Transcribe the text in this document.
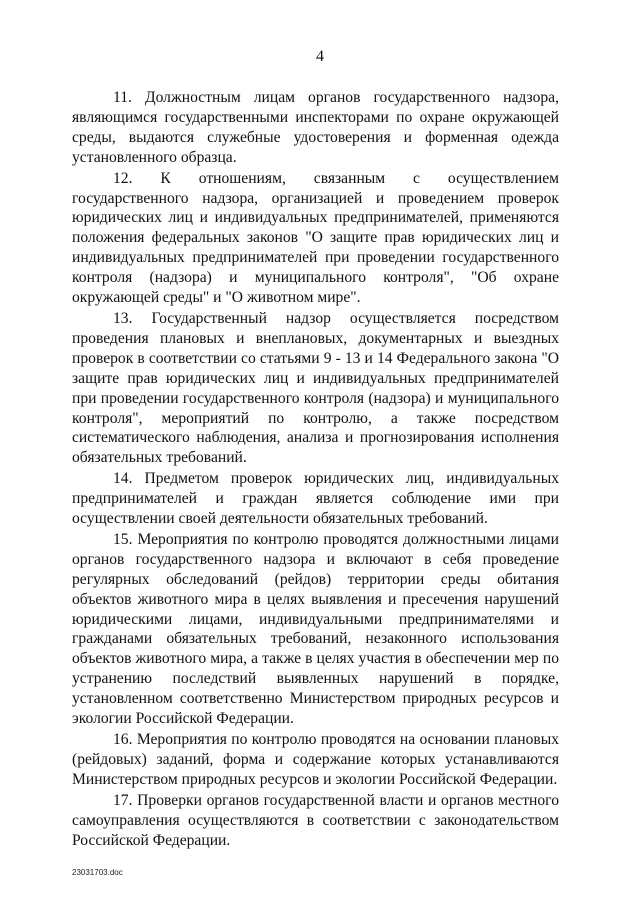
4

11. Должностным лицам органов государственного надзора, являющимся государственными инспекторами по охране окружающей среды, выдаются служебные удостоверения и форменная одежда установленного образца.

12. К отношениям, связанным с осуществлением государственного надзора, организацией и проведением проверок юридических лиц и индивидуальных предпринимателей, применяются положения федеральных законов "О защите прав юридических лиц и индивидуальных предпринимателей при проведении государственного контроля (надзора) и муниципального контроля", "Об охране окружающей среды" и "О животном мире".

13. Государственный надзор осуществляется посредством проведения плановых и внеплановых, документарных и выездных проверок в соответствии со статьями 9 - 13 и 14 Федерального закона "О защите прав юридических лиц и индивидуальных предпринимателей при проведении государственного контроля (надзора) и муниципального контроля", мероприятий по контролю, а также посредством систематического наблюдения, анализа и прогнозирования исполнения обязательных требований.

14. Предметом проверок юридических лиц, индивидуальных предпринимателей и граждан является соблюдение ими при осуществлении своей деятельности обязательных требований.

15. Мероприятия по контролю проводятся должностными лицами органов государственного надзора и включают в себя проведение регулярных обследований (рейдов) территории среды обитания объектов животного мира в целях выявления и пресечения нарушений юридическими лицами, индивидуальными предпринимателями и гражданами обязательных требований, незаконного использования объектов животного мира, а также в целях участия в обеспечении мер по устранению последствий выявленных нарушений в порядке, установленном соответственно Министерством природных ресурсов и экологии Российской Федерации.

16. Мероприятия по контролю проводятся на основании плановых (рейдовых) заданий, форма и содержание которых устанавливаются Министерством природных ресурсов и экологии Российской Федерации.

17. Проверки органов государственной власти и органов местного самоуправления осуществляются в соответствии с законодательством Российской Федерации.

23031703.doc
